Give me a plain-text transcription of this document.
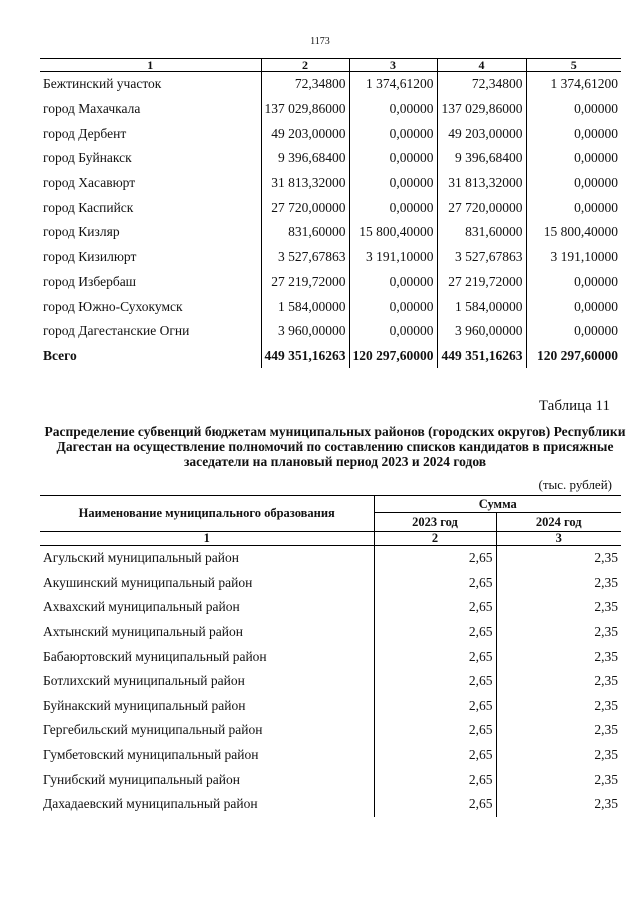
1173
1	2	3	4	5
Бежтинский участок	72,34800	1 374,61200	72,34800	1 374,61200
город Махачкала	137 029,86000	0,00000	137 029,86000	0,00000
город Дербент	49 203,00000	0,00000	49 203,00000	0,00000
город Буйнакск	9 396,68400	0,00000	9 396,68400	0,00000
город Хасавюрт	31 813,32000	0,00000	31 813,32000	0,00000
город Каспийск	27 720,00000	0,00000	27 720,00000	0,00000
город Кизляр	831,60000	15 800,40000	831,60000	15 800,40000
город Кизилюрт	3 527,67863	3 191,10000	3 527,67863	3 191,10000
город Избербаш	27 219,72000	0,00000	27 219,72000	0,00000
город Южно-Сухокумск	1 584,00000	0,00000	1 584,00000	0,00000
город Дагестанские Огни	3 960,00000	0,00000	3 960,00000	0,00000
Всего	449 351,16263	120 297,60000	449 351,16263	120 297,60000
Таблица 11
Распределение субвенций бюджетам муниципальных районов (городских округов) Республики Дагестан на осуществление полномочий по составлению списков кандидатов в присяжные заседатели на плановый период 2023 и 2024 годов
(тыс. рублей)
Наименование муниципального образования	Сумма	
	2023 год	2024 год
1	2	3
Агульский муниципальный район	2,65	2,35
Акушинский муниципальный район	2,65	2,35
Ахвахский муниципальный район	2,65	2,35
Ахтынский муниципальный район	2,65	2,35
Бабаюртовский муниципальный район	2,65	2,35
Ботлихский муниципальный район	2,65	2,35
Буйнакский муниципальный район	2,65	2,35
Гергебильский муниципальный район	2,65	2,35
Гумбетовский муниципальный район	2,65	2,35
Гунибский муниципальный район	2,65	2,35
Дахадаевский муниципальный район	2,65	2,35
